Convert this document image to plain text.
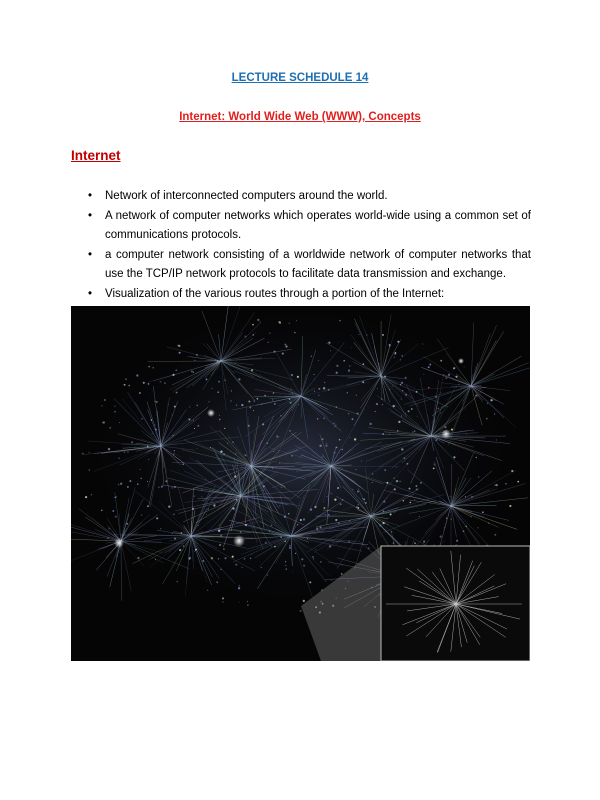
LECTURE SCHEDULE 14
Internet: World Wide Web (WWW), Concepts
Internet
• Network of interconnected computers around the world.
• A network of computer networks which operates world-wide using a common set of communications protocols.
• a computer network consisting of a worldwide network of computer networks that use the TCP/IP network protocols to facilitate data transmission and exchange.
• Visualization of the various routes through a portion of the Internet:
